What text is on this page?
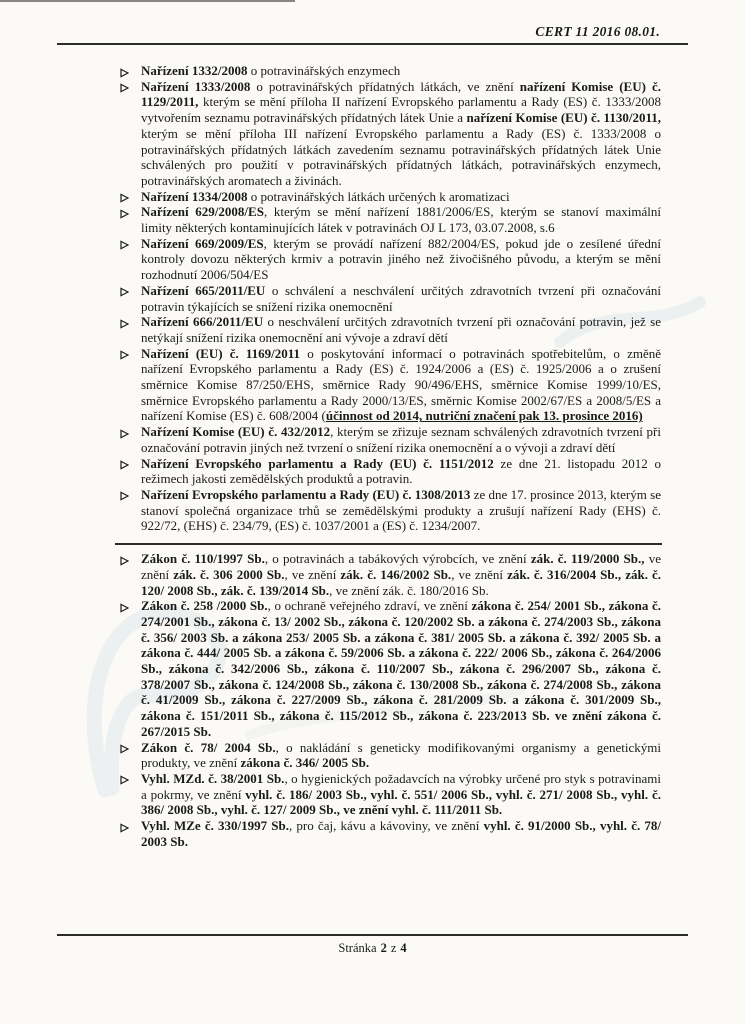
CERT 11 2016 08.01.
Nařízení 1332/2008 o potravinářských enzymech
Nařízení 1333/2008 o potravinářských přídatných látkách, ve znění nařízení Komise (EU) č. 1129/2011, kterým se mění příloha II nařízení Evropského parlamentu a Rady (ES) č. 1333/2008 vytvořením seznamu potravinářských přídatných látek Unie a nařízení Komise (EU) č. 1130/2011, kterým se mění příloha III nařízení Evropského parlamentu a Rady (ES) č. 1333/2008 o potravinářských přídatných látkách zavedením seznamu potravinářských přídatných látek Unie schválených pro použití v potravinářských přídatných látkách, potravinářských enzymech, potravinářských aromatech a živinách.
Nařízení 1334/2008 o potravinářských látkách určených k aromatizaci
Nařízení 629/2008/ES, kterým se mění nařízení 1881/2006/ES, kterým se stanoví maximální limity některých kontaminujících látek v potravinách OJ L 173, 03.07.2008, s.6
Nařízení 669/2009/ES, kterým se provádí nařízení 882/2004/ES, pokud jde o zesílené úřední kontroly dovozu některých krmiv a potravin jiného než živočišného původu, a kterým se mění rozhodnutí 2006/504/ES
Nařízení 665/2011/EU o schválení a neschválení určitých zdravotních tvrzení při označování potravin týkajících se snížení rizika onemocnění
Nařízení 666/2011/EU o neschválení určitých zdravotních tvrzení při označování potravin, jež se netýkají snížení rizika onemocnění ani vývoje a zdraví dětí
Nařízení (EU) č. 1169/2011 o poskytování informací o potravinách spotřebitelům, o změně nařízení Evropského parlamentu a Rady (ES) č. 1924/2006 a (ES) č. 1925/2006 a o zrušení směrnice Komise 87/250/EHS, směrnice Rady 90/496/EHS, směrnice Komise 1999/10/ES, směrnice Evropského parlamentu a Rady 2000/13/ES, směrnic Komise 2002/67/ES a 2008/5/ES a nařízení Komise (ES) č. 608/2004 (účinnost od 2014, nutriční značení pak 13. prosince 2016)
Nařízení Komise (EU) č. 432/2012, kterým se zřizuje seznam schválených zdravotních tvrzení při označování potravin jiných než tvrzení o snížení rizika onemocnění a o vývoji a zdraví dětí
Nařízení Evropského parlamentu a Rady (EU) č. 1151/2012 ze dne 21. listopadu 2012 o režimech jakosti zemědělských produktů a potravin.
Nařízení Evropského parlamentu a Rady (EU) č. 1308/2013 ze dne 17. prosince 2013, kterým se stanoví společná organizace trhů se zemědělskými produkty a zrušují nařízení Rady (EHS) č. 922/72, (EHS) č. 234/79, (ES) č. 1037/2001 a (ES) č. 1234/2007.
Zákon č. 110/1997 Sb., o potravinách a tabákových výrobcích, ve znění zák. č. 119/2000 Sb., ve znění zák. č. 306 2000 Sb., ve znění zák. č. 146/2002 Sb., ve znění zák. č. 316/2004 Sb., zák. č. 120/ 2008 Sb., zák. č. 139/2014 Sb., ve znění zák. č. 180/2016 Sb.
Zákon č. 258 /2000 Sb., o ochraně veřejného zdraví, ve znění zákona č. 254/ 2001 Sb., zákona č. 274/2001 Sb., zákona č. 13/ 2002 Sb., zákona č. 120/2002 Sb. a zákona č. 274/2003 Sb., zákona č. 356/ 2003 Sb. a zákona 253/ 2005 Sb. a zákona č. 381/ 2005 Sb. a zákona č. 392/ 2005 Sb. a zákona č. 444/ 2005 Sb. a zákona č. 59/2006 Sb. a zákona č. 222/ 2006 Sb., zákona č. 264/2006 Sb., zákona č. 342/2006 Sb., zákona č. 110/2007 Sb., zákona č. 296/2007 Sb., zákona č. 378/2007 Sb., zákona č. 124/2008 Sb., zákona č. 130/2008 Sb., zákona č. 274/2008 Sb., zákona č. 41/2009 Sb., zákona č. 227/2009 Sb., zákona č. 281/2009 Sb. a zákona č. 301/2009 Sb., zákona č. 151/2011 Sb., zákona č. 115/2012 Sb., zákona č. 223/2013 Sb. ve znění zákona č. 267/2015 Sb.
Zákon č. 78/ 2004 Sb., o nakládání s geneticky modifikovanými organismy a genetickými produkty, ve znění zákona č. 346/ 2005 Sb.
Vyhl. MZd. č. 38/2001 Sb., o hygienických požadavcích na výrobky určené pro styk s potravinami a pokrmy, ve znění vyhl. č. 186/ 2003 Sb., vyhl. č. 551/ 2006 Sb., vyhl. č. 271/ 2008 Sb., vyhl. č. 386/ 2008 Sb., vyhl. č. 127/ 2009 Sb., ve znění vyhl. č. 111/2011 Sb.
Vyhl. MZe č. 330/1997 Sb., pro čaj, kávu a kávoviny, ve znění vyhl. č. 91/2000 Sb., vyhl. č. 78/ 2003 Sb.
Stránka 2 z 4
